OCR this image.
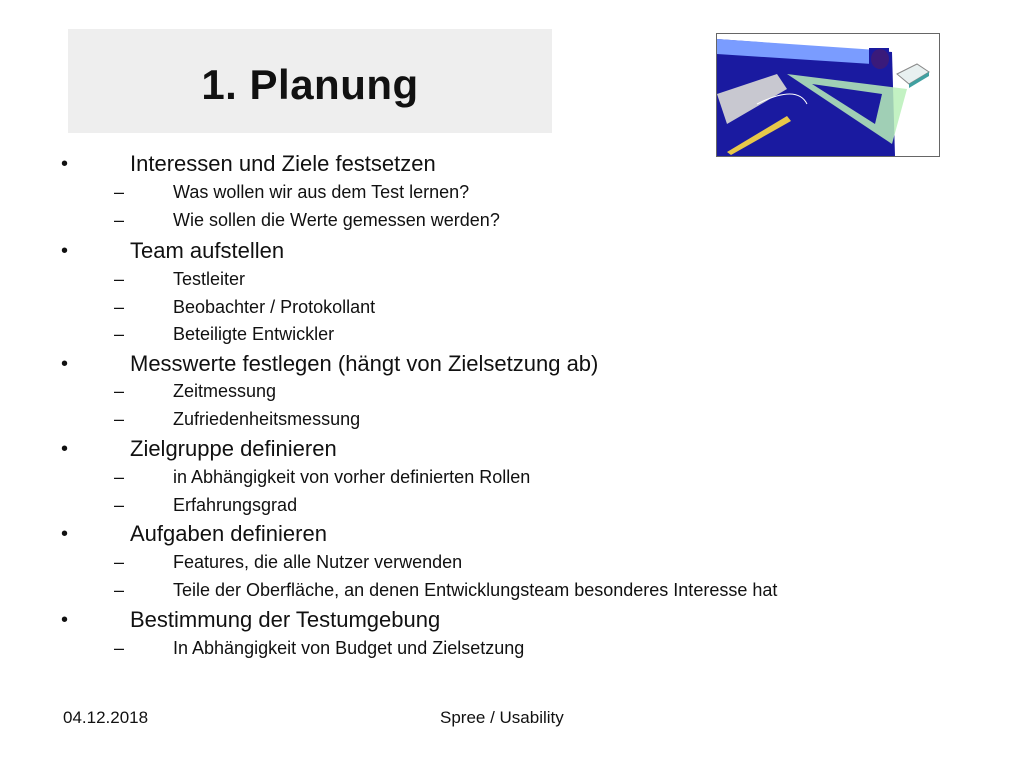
1. Planung
•	Interessen und Ziele festsetzen
–	Was wollen wir aus dem Test lernen?
–	Wie sollen die Werte gemessen werden?
•	Team aufstellen
–	Testleiter
–	Beobachter / Protokollant
–	Beteiligte Entwickler
•	Messwerte festlegen (hängt von Zielsetzung ab)
–	Zeitmessung
–	Zufriedenheitsmessung
•	Zielgruppe definieren
–	in Abhängigkeit von vorher definierten Rollen
–	Erfahrungsgrad
•	Aufgaben definieren
–	Features, die alle Nutzer verwenden
–	Teile der Oberfläche, an denen Entwicklungsteam besonderes Interesse hat
•	Bestimmung der Testumgebung
–	In Abhängigkeit von Budget und Zielsetzung
04.12.2018	Spree / Usability
